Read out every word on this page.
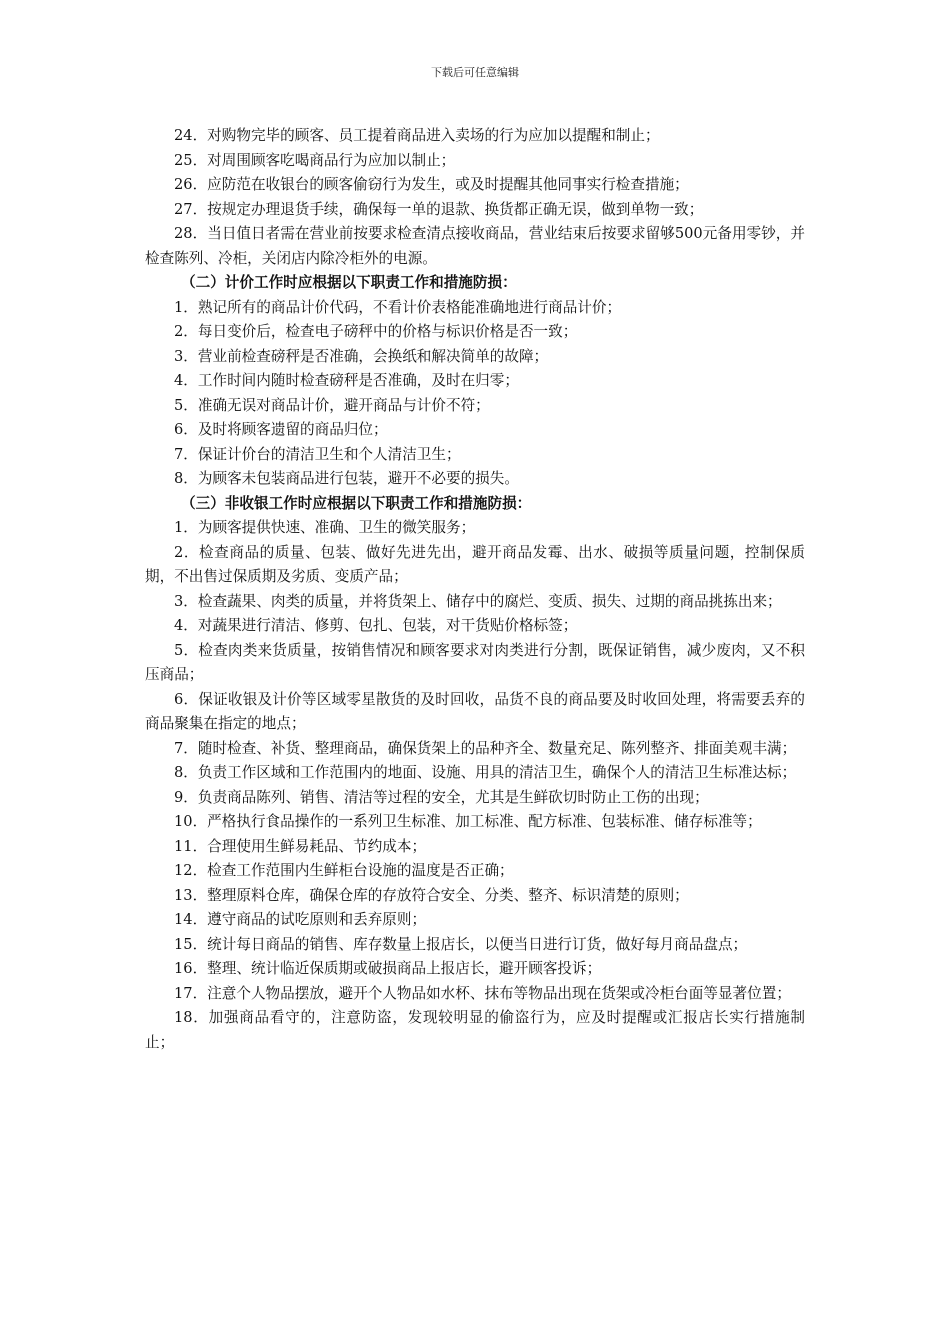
下载后可任意编辑

24．对购物完毕的顾客、员工提着商品进入卖场的行为应加以提醒和制止；

25．对周围顾客吃喝商品行为应加以制止；

26．应防范在收银台的顾客偷窃行为发生，或及时提醒其他同事实行检查措施；

27．按规定办理退货手续，确保每一单的退款、换货都正确无误，做到单物一致；

28．当日值日者需在营业前按要求检查清点接收商品，营业结束后按要求留够500元备用零钞，并检查陈列、冷柜，关闭店内除冷柜外的电源。

（二）计价工作时应根据以下职责工作和措施防损：

1．熟记所有的商品计价代码，不看计价表格能准确地进行商品计价；

2．每日变价后，检查电子磅秤中的价格与标识价格是否一致；

3．营业前检查磅秤是否准确，会换纸和解决简单的故障；

4．工作时间内随时检查磅秤是否准确，及时在归零；

5．准确无误对商品计价，避开商品与计价不符；

6．及时将顾客遗留的商品归位；

7．保证计价台的清洁卫生和个人清洁卫生；

8．为顾客未包装商品进行包装，避开不必要的损失。

（三）非收银工作时应根据以下职责工作和措施防损：

1．为顾客提供快速、准确、卫生的微笑服务；

2．检查商品的质量、包装、做好先进先出，避开商品发霉、出水、破损等质量问题，控制保质期，不出售过保质期及劣质、变质产品；

3．检查蔬果、肉类的质量，并将货架上、储存中的腐烂、变质、损失、过期的商品挑拣出来；

4．对蔬果进行清洁、修剪、包扎、包装，对干货贴价格标签；

5．检查肉类来货质量，按销售情况和顾客要求对肉类进行分割，既保证销售，减少废肉，又不积压商品；

6．保证收银及计价等区域零星散货的及时回收，品货不良的商品要及时收回处理，将需要丢弃的商品聚集在指定的地点；

7．随时检查、补货、整理商品，确保货架上的品种齐全、数量充足、陈列整齐、排面美观丰满；

8．负责工作区域和工作范围内的地面、设施、用具的清洁卫生，确保个人的清洁卫生标准达标；

9．负责商品陈列、销售、清洁等过程的安全，尤其是生鲜砍切时防止工伤的出现；

10．严格执行食品操作的一系列卫生标准、加工标准、配方标准、包装标准、储存标准等；

11．合理使用生鲜易耗品、节约成本；

12．检查工作范围内生鲜柜台设施的温度是否正确；

13．整理原料仓库，确保仓库的存放符合安全、分类、整齐、标识清楚的原则；

14．遵守商品的试吃原则和丢弃原则；

15．统计每日商品的销售、库存数量上报店长，以便当日进行订货，做好每月商品盘点；

16．整理、统计临近保质期或破损商品上报店长，避开顾客投诉；

17．注意个人物品摆放，避开个人物品如水杯、抹布等物品出现在货架或冷柜台面等显著位置；

18．加强商品看守的，注意防盗，发现较明显的偷盗行为，应及时提醒或汇报店长实行措施制止；
